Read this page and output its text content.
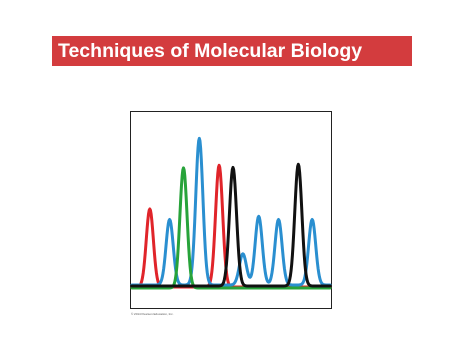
Techniques of Molecular Biology
© 2014 Pearson Education, Inc.
